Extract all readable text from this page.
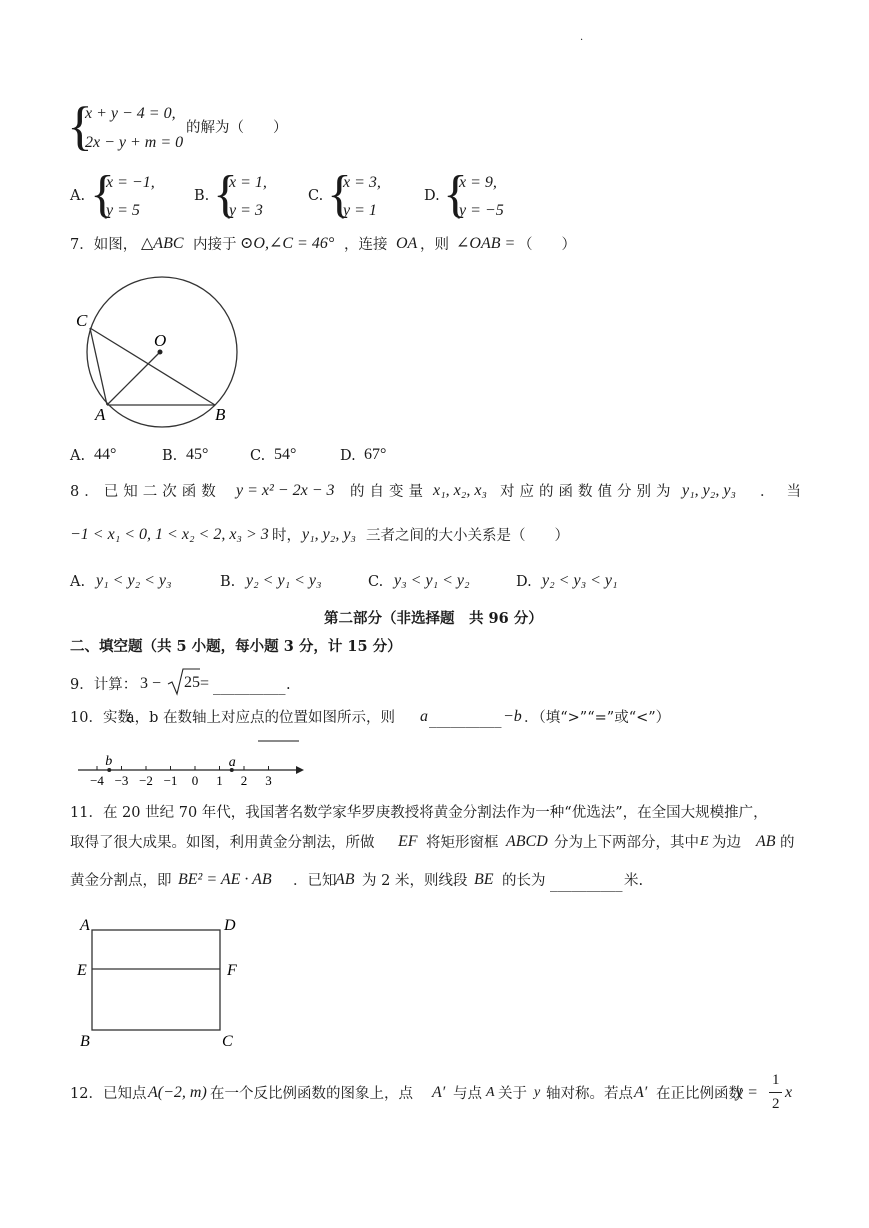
.
{
x + y − 4 = 0,
2x − y + m = 0
的解为（　　）
A. {
x = −1,
y = 5
B. {
x = 1,
y = 3
C. {
x = 3,
y = 1
D. {
x = 9,
y = −5
7．如图， △ABC 内接于 ⊙O,∠C = 46° ，连接 OA ，则 ∠OAB = （　　）
C
O
A	B
A. 44°	B. 45°	C. 54°	D. 67°
8．已知二次函数 y = x² − 2x − 3 的自变量 x₁, x₂, x₃ 对应的函数值分别为 y₁, y₂, y₃ ．当
−1 < x₁ < 0, 1 < x₂ < 2, x₃ > 3 时， y₁, y₂, y₃ 三者之间的大小关系是（　　）
A. y₁ < y₂ < y₃	B. y₂ < y₁ < y₃	C. y₃ < y₁ < y₂	D. y₂ < y₃ < y₁
第二部分（非选择题　共 96 分）
二、填空题（共 5 小题，每小题 3 分，计 15 分）
9．计算： 3 − 25 = __________ .
10．实数
a，b 在数轴上对应点的位置如图所示，则 a __________ −b ．（填“>”“=”或“<”）
−4 −3 −2 −1 0 1 2 3
b	a
11．在 20 世纪 70 年代，我国著名数学家华罗庚教授将黄金分割法作为一种“优选法”，在全国大规模推广，
取得了很大成果。如图，利用黄金分割法，所做 EF 将矩形窗框 ABCD 分为上下两部分，其中 E 为边 AB 的
黄金分割点，即 BE² = AE · AB ．已知
AB 为 2 米，则线段 BE 的长为 __________ 米.
A	D
E	F
B	C
12．已知点 A(−2, m) 在一个反比例函数的图象上，点 A′ 与点 A 关于 y 轴对称。若点 A′ 在正比例函数
y =
1
2
x
